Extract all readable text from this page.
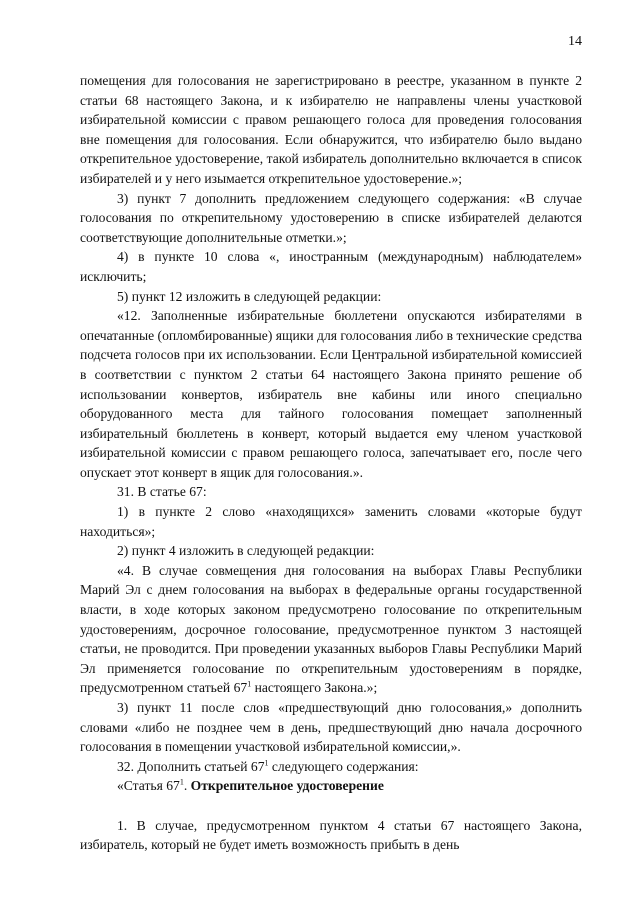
14

помещения для голосования не зарегистрировано в реестре, указанном в пункте 2 статьи 68 настоящего Закона, и к избирателю не направлены члены участковой избирательной комиссии с правом решающего голоса для проведения голосования вне помещения для голосования. Если обнаружится, что избирателю было выдано открепительное удостоверение, такой избиратель дополнительно включается в список избирателей и у него изымается открепительное удостоверение.»;

3) пункт 7 дополнить предложением следующего содержания: «В случае голосования по открепительному удостоверению в списке избирателей делаются соответствующие дополнительные отметки.»;

4) в пункте 10 слова «, иностранным (международным) наблюдателем» исключить;

5) пункт 12 изложить в следующей редакции:

«12. Заполненные избирательные бюллетени опускаются избирателями в опечатанные (опломбированные) ящики для голосования либо в технические средства подсчета голосов при их использовании. Если Центральной избирательной комиссией в соответствии с пунктом 2 статьи 64 настоящего Закона принято решение об использовании конвертов, избиратель вне кабины или иного специально оборудованного места для тайного голосования помещает заполненный избирательный бюллетень в конверт, который выдается ему членом участковой избирательной комиссии с правом решающего голоса, запечатывает его, после чего опускает этот конверт в ящик для голосования.».

31. В статье 67:

1) в пункте 2 слово «находящихся» заменить словами «которые будут находиться»;

2) пункт 4 изложить в следующей редакции:

«4. В случае совмещения дня голосования на выборах Главы Республики Марий Эл с днем голосования на выборах в федеральные органы государственной власти, в ходе которых законом предусмотрено голосование по открепительным удостоверениям, досрочное голосование, предусмотренное пунктом 3 настоящей статьи, не проводится. При проведении указанных выборов Главы Республики Марий Эл применяется голосование по открепительным удостоверениям в порядке, предусмотренном статьей $67^1$ настоящего Закона.»;

3) пункт 11 после слов «предшествующий дню голосования,» дополнить словами «либо не позднее чем в день, предшествующий дню начала досрочного голосования в помещении участковой избирательной комиссии,».

32. Дополнить статьей $67^1$ следующего содержания:

«Статья $67^1$. Открепительное удостоверение

1. В случае, предусмотренном пунктом 4 статьи 67 настоящего Закона, избиратель, который не будет иметь возможность прибыть в день
